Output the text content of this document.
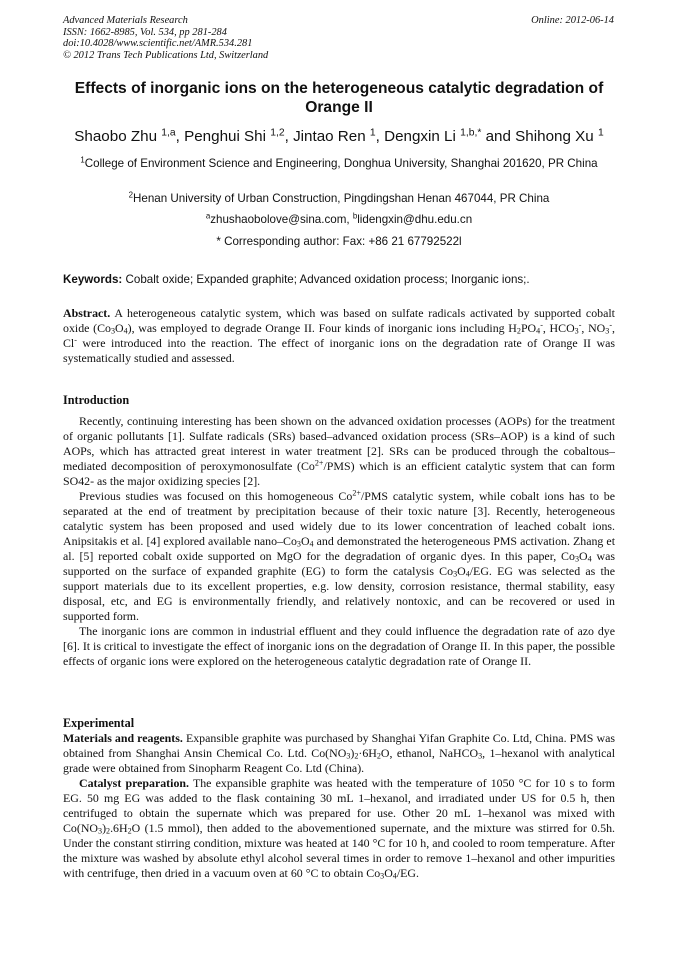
Advanced Materials Research
ISSN: 1662-8985, Vol. 534, pp 281-284
doi:10.4028/www.scientific.net/AMR.534.281
© 2012 Trans Tech Publications Ltd, Switzerland
Online: 2012-06-14
Effects of inorganic ions on the heterogeneous catalytic degradation of Orange II
Shaobo Zhu $^{1,a}$, Penghui Shi $^{1,2}$, Jintao Ren $^1$, Dengxin Li $^{1,b,*}$ and Shihong Xu $^1$
$^1$College of Environment Science and Engineering, Donghua University, Shanghai 201620, PR China
$^2$Henan University of Urban Construction, Pingdingshan Henan 467044, PR China
$^a$zhushaobolove@sina.com, $^b$lidengxin@dhu.edu.cn
* Corresponding author: Fax: +86 21 67792522l
Keywords: Cobalt oxide; Expanded graphite; Advanced oxidation process; Inorganic ions;.

Abstract. A heterogeneous catalytic system, which was based on sulfate radicals activated by supported cobalt oxide $(Co_3O_4)$, was employed to degrade Orange II. Four kinds of inorganic ions including $H_2PO_4^-$, $HCO_3^-$, $NO_3^-$, Cl- were introduced into the reaction. The effect of inorganic ions on the degradation rate of Orange II was systematically studied and assessed.

Introduction

Recently, continuing interesting has been shown on the advanced oxidation processes (AOPs) for the treatment of organic pollutants [1]. Sulfate radicals (SRs) based–advanced oxidation process (SRs–AOP) is a kind of such AOPs, which has attracted great interest in water treatment [2]. SRs can be produced through the cobaltous–mediated decomposition of peroxymonosulfate $(Co^{2+}/PMS)$ which is an efficient catalytic system that can form SO42- as the major oxidizing species [2].

Previous studies was focused on this homogeneous $Co^{2+}$/PMS catalytic system, while cobalt ions has to be separated at the end of treatment by precipitation because of their toxic nature [3]. Recently, heterogeneous catalytic system has been proposed and used widely due to its lower concentration of leached cobalt ions. Anipsitakis et al. [4] explored available nano–$Co_3O_4$ and demonstrated the heterogeneous PMS activation. Zhang et al. [5] reported cobalt oxide supported on MgO for the degradation of organic dyes. In this paper, $Co_3O_4$ was supported on the surface of expanded graphite (EG) to form the catalysis $Co_3O_4/EG$. EG was selected as the support materials due to its excellent properties, e.g. low density, corrosion resistance, thermal stability, easy disposal, etc, and EG is environmentally friendly, and relatively nontoxic, and can be recovered or used in supported form.

The inorganic ions are common in industrial effluent and they could influence the degradation rate of azo dye [6]. It is critical to investigate the effect of inorganic ions on the degradation of Orange II. In this paper, the possible effects of organic ions were explored on the heterogeneous catalytic degradation rate of Orange II.

Experimental

Materials and reagents. Expansible graphite was purchased by Shanghai Yifan Graphite Co. Ltd, China. PMS was obtained from Shanghai Ansin Chemical Co. Ltd. $Co(NO_3)_2\cdot 6H_2O$, ethanol, NaHCO$_3$, 1–hexanol with analytical grade were obtained from Sinopharm Reagent Co. Ltd (China).

Catalyst preparation. The expansible graphite was heated with the temperature of 1050 °C for 10 s to form EG. 50 mg EG was added to the flask containing 30 mL 1–hexanol, and irradiated under US for 0.5 h, then centrifuged to obtain the supernate which was prepared for use. Other 20 mL 1–hexanol was mixed with $Co(NO_3)_2.6H_2O$ (1.5 mmol), then added to the abovementioned supernate, and the mixture was stirred for 0.5h. Under the constant stirring condition, mixture was heated at 140 °C for 10 h, and cooled to room temperature. After the mixture was washed by absolute ethyl alcohol several times in order to remove 1–hexanol and other impurities with centrifuge, then dried in a vacuum oven at 60 °C to obtain $Co_3O_4/EG$.
